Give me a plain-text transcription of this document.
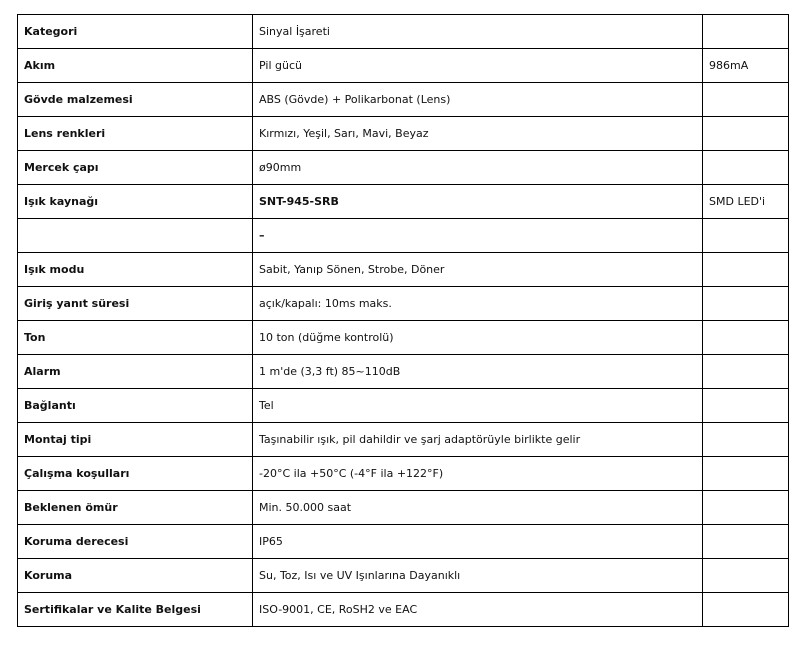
Kategori	Sinyal İşareti	
Akım	Pil gücü	986mA
Gövde malzemesi	ABS (Gövde) + Polikarbonat (Lens)	
Lens renkleri	Kırmızı, Yeşil, Sarı, Mavi, Beyaz	
Mercek çapı	ø90mm	
Işık kaynağı	SNT-945-SRB	SMD LED'i
	–	
Işık modu	Sabit, Yanıp Sönen, Strobe, Döner	
Giriş yanıt süresi	açık/kapalı: 10ms maks.	
Ton	10 ton (düğme kontrolü)	
Alarm	1 m'de (3,3 ft) 85~110dB	
Bağlantı	Tel	
Montaj tipi	Taşınabilir ışık, pil dahildir ve şarj adaptörüyle birlikte gelir	
Çalışma koşulları	-20°C ila +50°C (-4°F ila +122°F)	
Beklenen ömür	Min. 50.000 saat	
Koruma derecesi	IP65	
Koruma	Su, Toz, Isı ve UV Işınlarına Dayanıklı	
Sertifikalar ve Kalite Belgesi	ISO-9001, CE, RoSH2 ve EAC	
